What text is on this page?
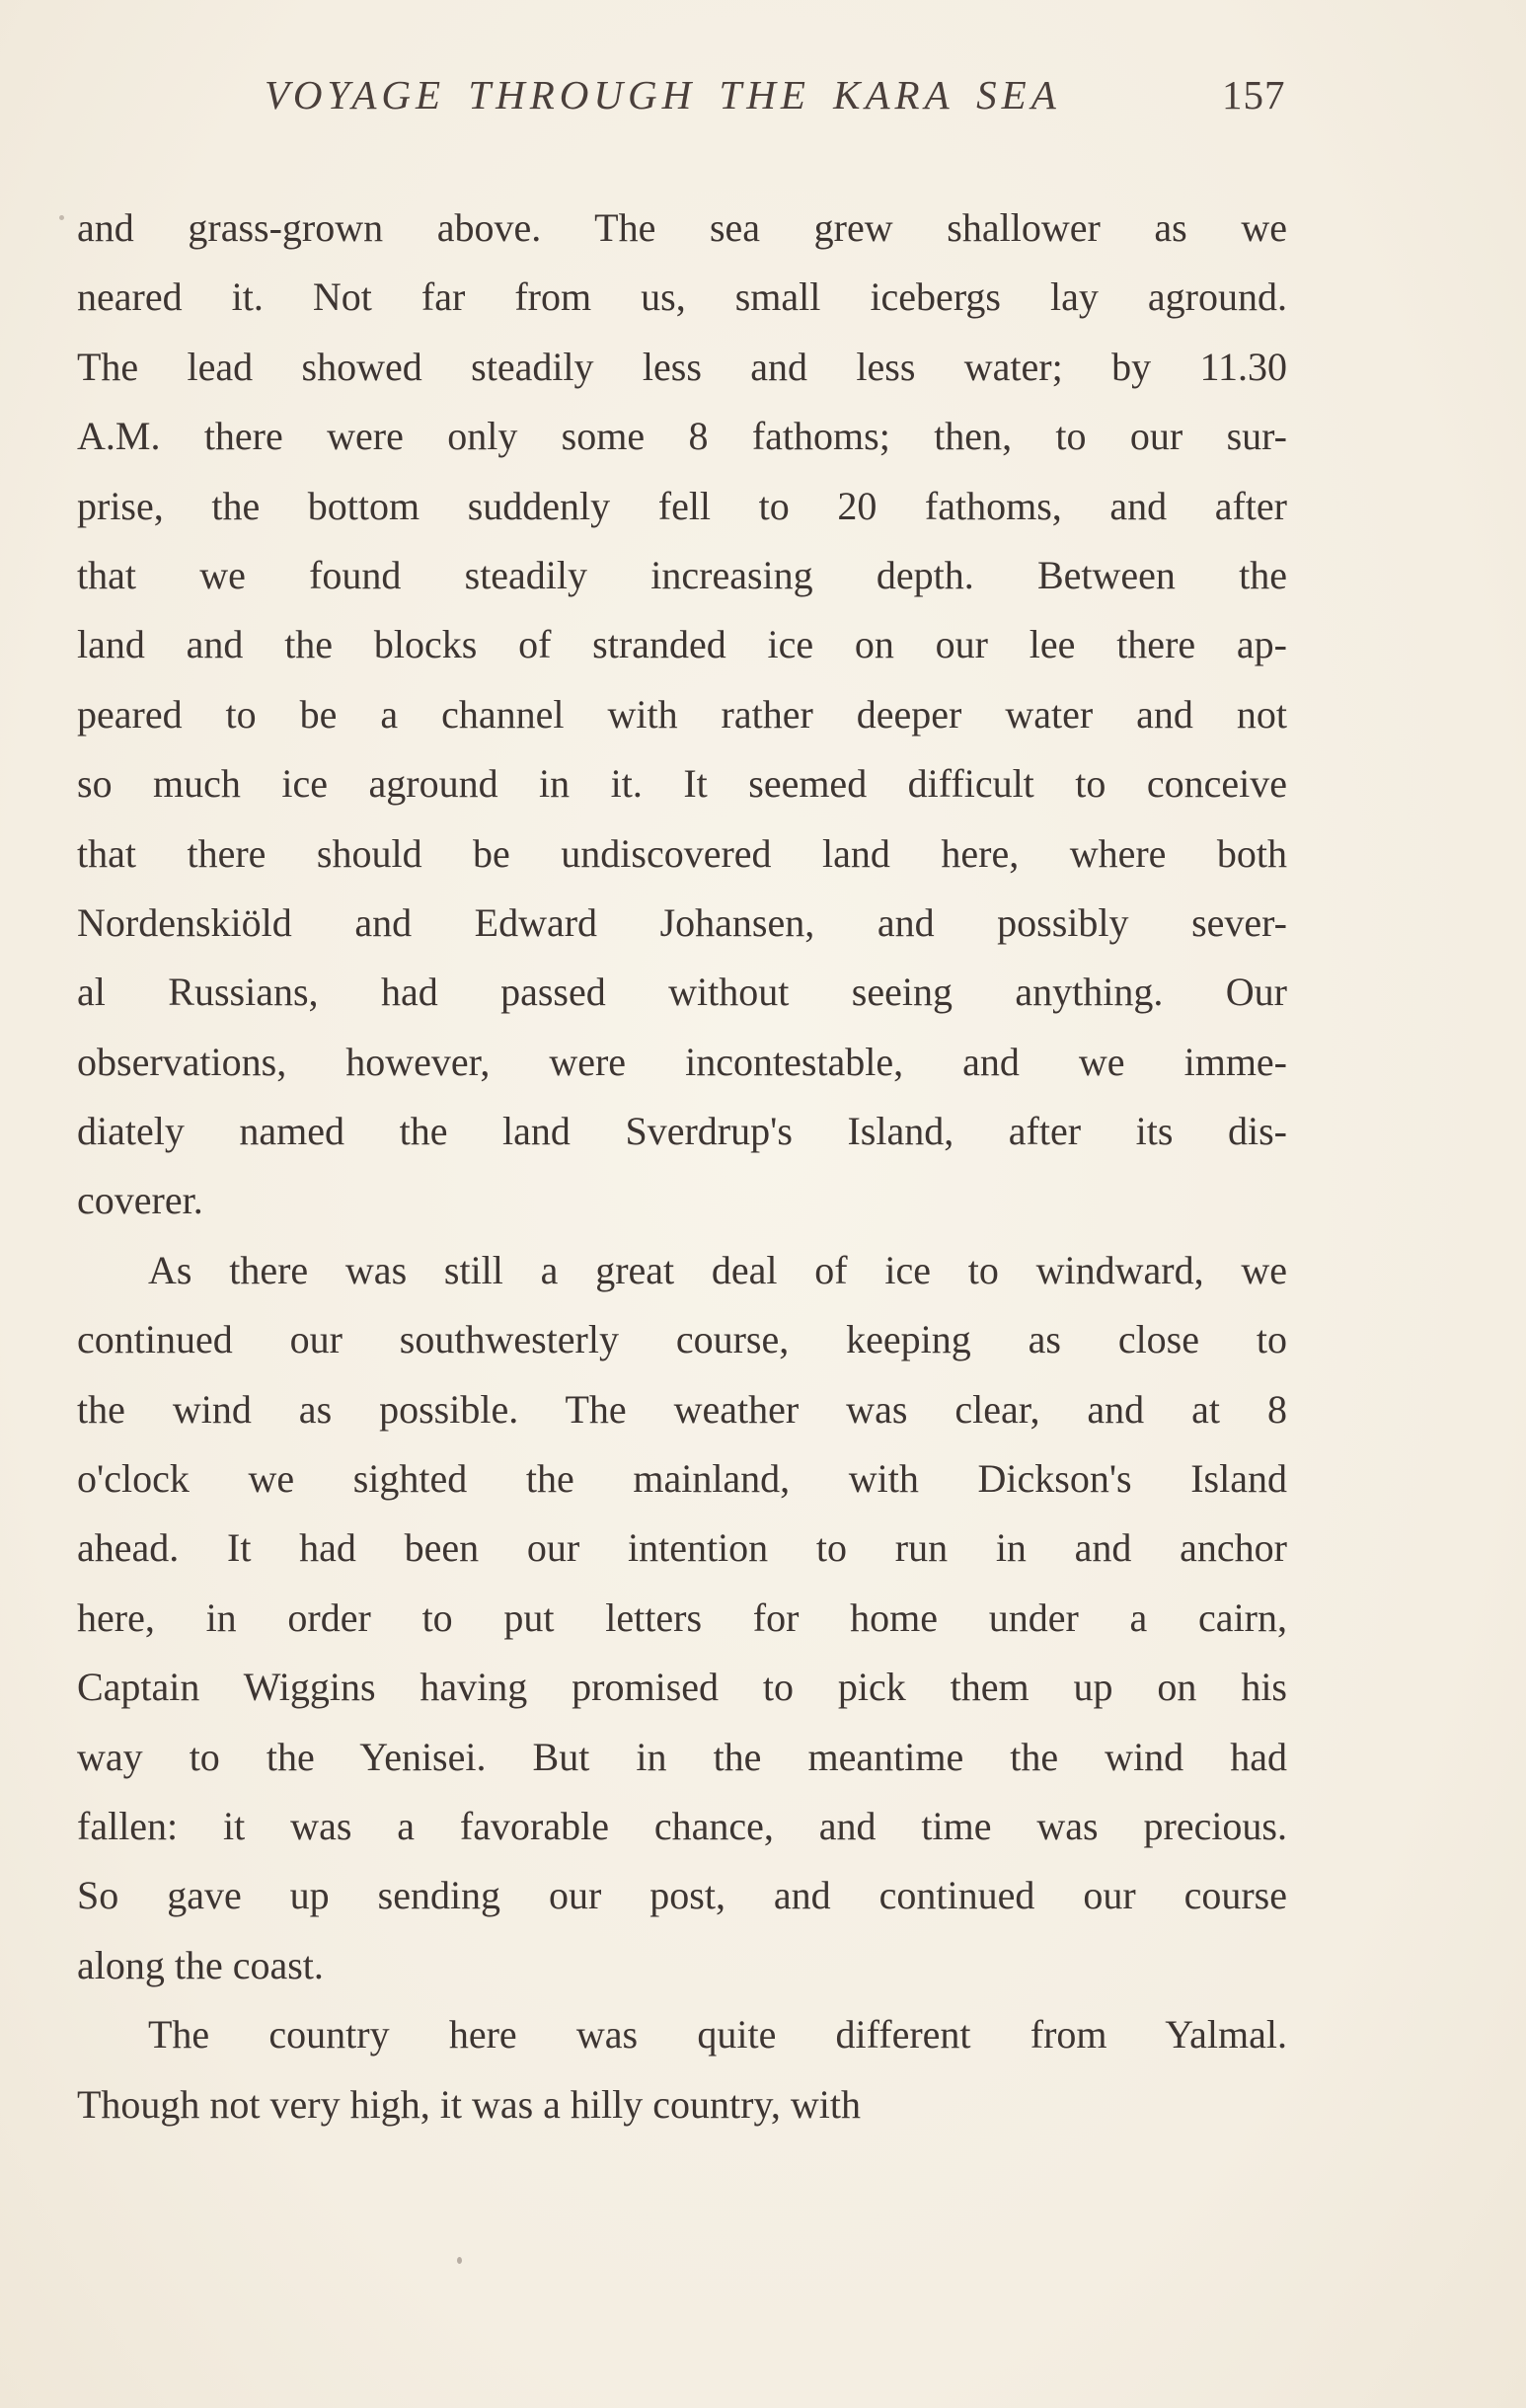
VOYAGE THROUGH THE KARA SEA	157
and grass-grown above. The sea grew shallower as we
neared it. Not far from us, small icebergs lay aground.
The lead showed steadily less and less water; by 11.30
A.M. there were only some 8 fathoms; then, to our sur-
prise, the bottom suddenly fell to 20 fathoms, and after
that we found steadily increasing depth. Between the
land and the blocks of stranded ice on our lee there ap-
peared to be a channel with rather deeper water and not
so much ice aground in it. It seemed difficult to conceive
that there should be undiscovered land here, where both
Nordenskiöld and Edward Johansen, and possibly sever-
al Russians, had passed without seeing anything. Our
observations, however, were incontestable, and we imme-
diately named the land Sverdrup's Island, after its dis-
coverer.
As there was still a great deal of ice to windward, we
continued our southwesterly course, keeping as close to
the wind as possible. The weather was clear, and at 8
o'clock we sighted the mainland, with Dickson's Island
ahead. It had been our intention to run in and anchor
here, in order to put letters for home under a cairn,
Captain Wiggins having promised to pick them up on his
way to the Yenisei. But in the meantime the wind had
fallen: it was a favorable chance, and time was precious.
So gave up sending our post, and continued our course
along the coast.
The country here was quite different from Yalmal.
Though not very high, it was a hilly country, with
